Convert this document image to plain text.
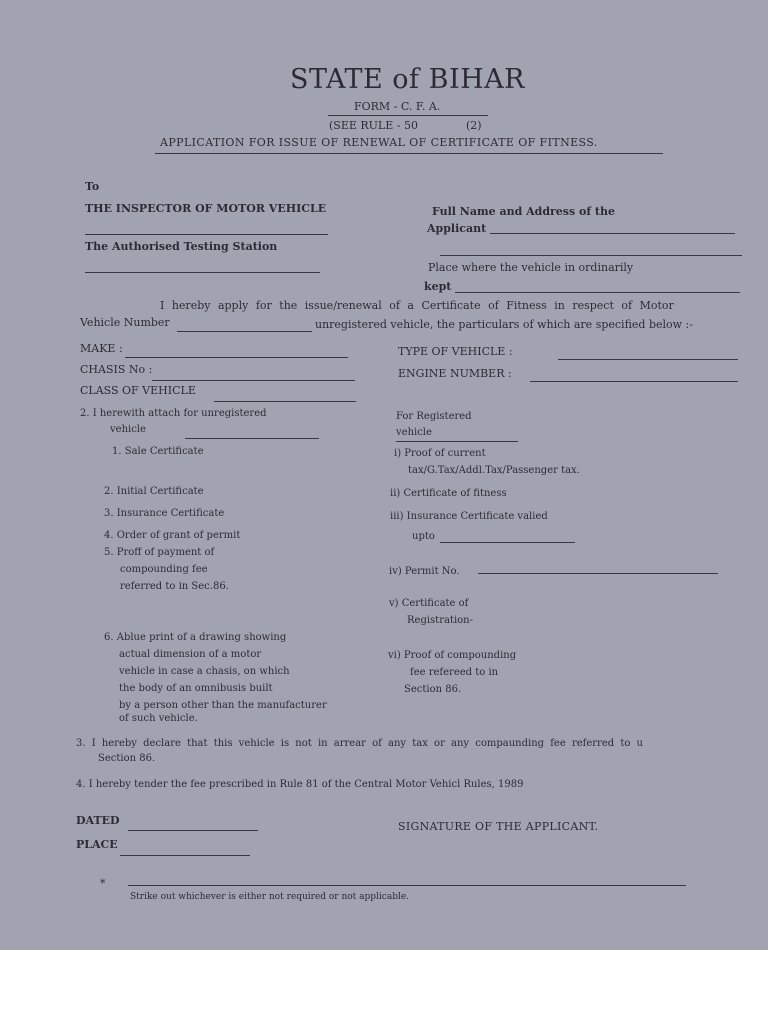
STATE of BIHAR
FORM - C. F. A.
(SEE RULE - 50	(2)
APPLICATION FOR ISSUE OF RENEWAL OF CERTIFICATE OF FITNESS.
To
THE INSPECTOR OF MOTOR VEHICLE
The Authorised Testing Station
Full Name and Address of the
Applicant
Place where the vehicle in ordinarily
kept
I hereby apply for the issue/renewal of a Certificate of Fitness in respect of Motor
Vehicle Number	unregistered vehicle, the particulars of which are specified below :-
MAKE :
CHASIS No :
CLASS OF VEHICLE
TYPE OF VEHICLE :
ENGINE NUMBER :
2. I herewith attach for unregistered
vehicle
1. Sale Certificate
2. Initial Certificate
3. Insurance Certificate
4. Order of grant of permit
5. Proff of payment of
compounding fee
referred to in Sec.86.
6. Ablue print of a drawing showing
actual dimension of a motor
vehicle in case a chasis, on which
the body of an omnibusis built
by a person other than the manufacturer
of such vehicle.
For Registered
vehicle
i) Proof of current
tax/G.Tax/Addl.Tax/Passenger tax.
ii) Certificate of fitness
iii) Insurance Certificate valied
upto
iv) Permit No.
v) Certificate of
Registration-
vi) Proof of compounding
fee refereed to in
Section 86.
3. I hereby declare that this vehicle is not in arrear of any tax or any compaunding fee referred to u
Section 86.
4. I hereby tender the fee prescribed in Rule 81 of the Central Motor Vehicl Rules, 1989
DATED
PLACE
SIGNATURE OF THE APPLICANT.
*
Strike out whichever is either not required or not applicable.
